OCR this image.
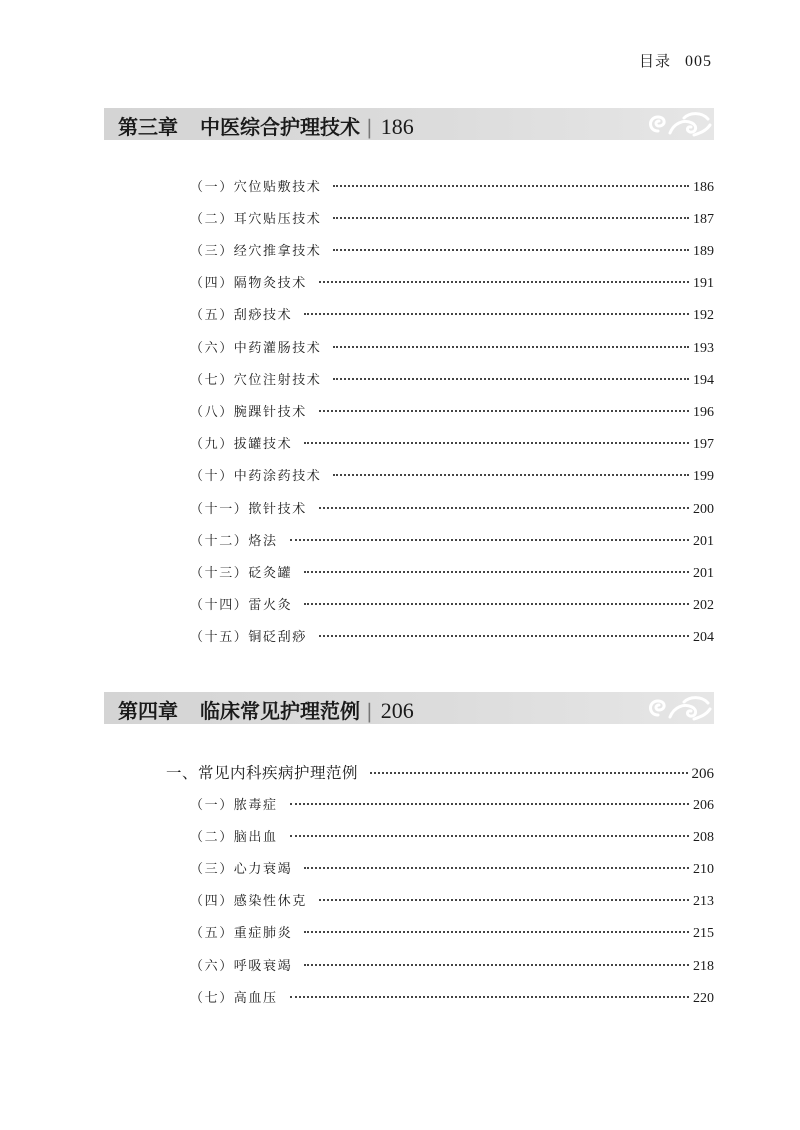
目录 005
第三章 中医综合护理技术 | 186
（一）穴位贴敷技术	186
（二）耳穴贴压技术	187
（三）经穴推拿技术	189
（四）隔物灸技术	191
（五）刮痧技术	192
（六）中药灌肠技术	193
（七）穴位注射技术	194
（八）腕踝针技术	196
（九）拔罐技术	197
（十）中药涂药技术	199
（十一）揿针技术	200
（十二）烙法	201
（十三）砭灸罐	201
（十四）雷火灸	202
（十五）铜砭刮痧	204
第四章 临床常见护理范例 | 206
一、常见内科疾病护理范例	206
（一）脓毒症	206
（二）脑出血	208
（三）心力衰竭	210
（四）感染性休克	213
（五）重症肺炎	215
（六）呼吸衰竭	218
（七）高血压	220
